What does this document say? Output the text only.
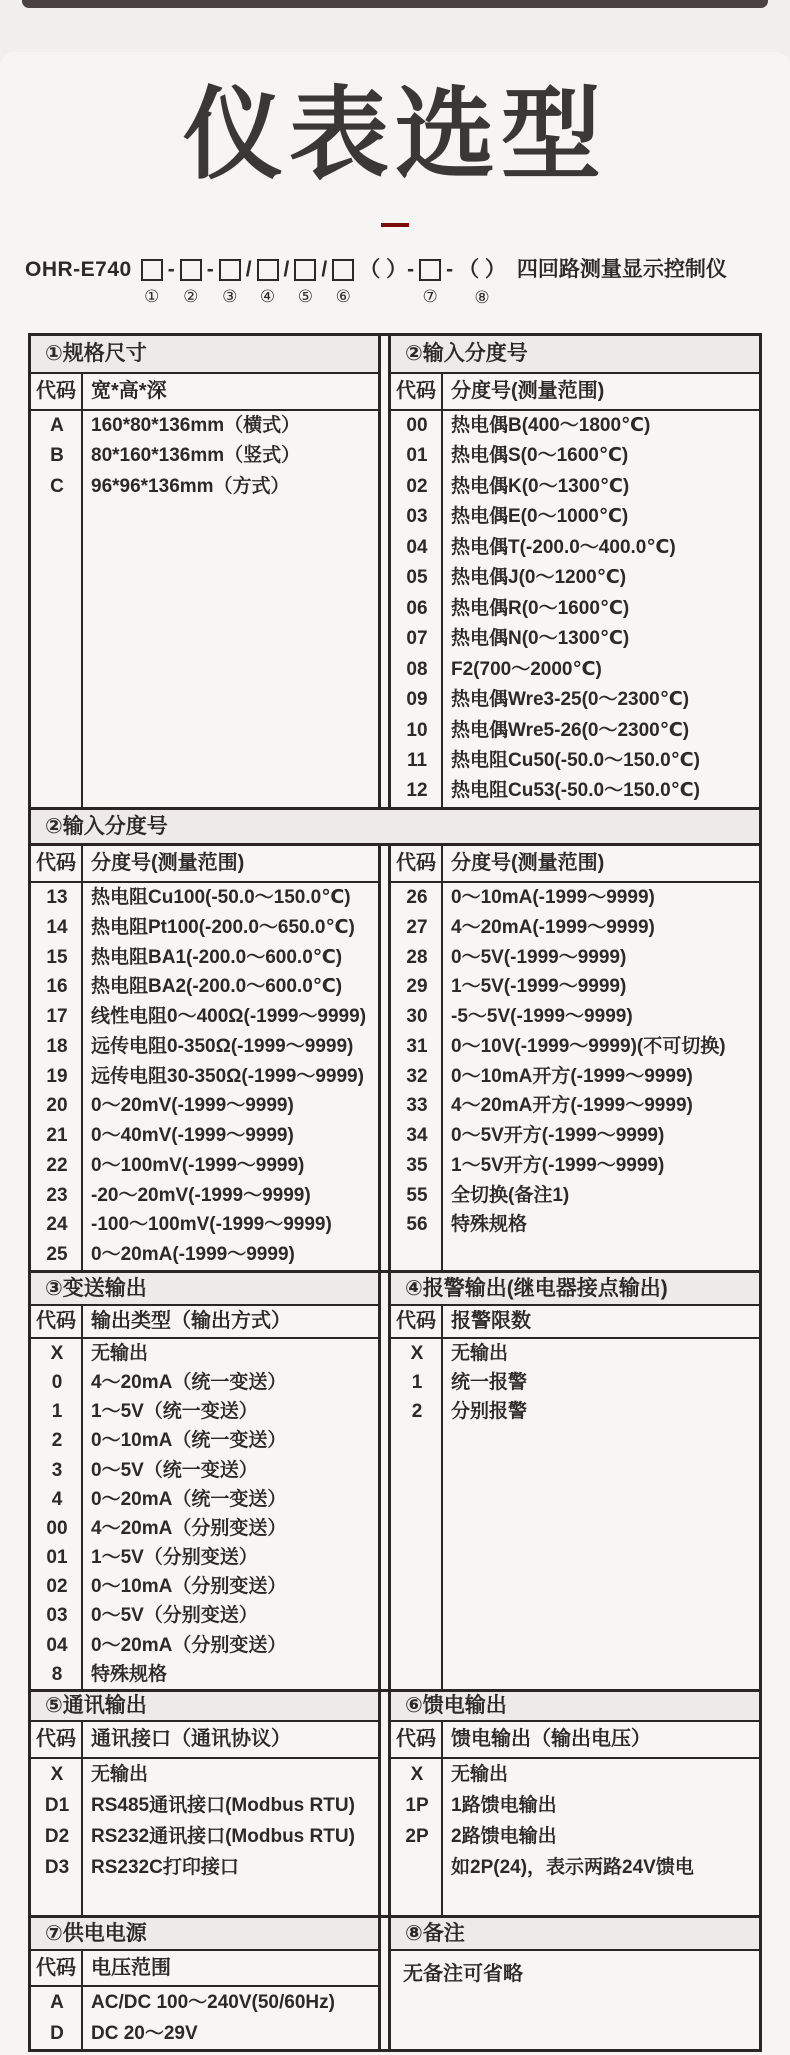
仪表选型
OHR-E740
①
-
②
-
③
/
④
/
⑤
/
⑥
（ ）-
⑦
- （ ）
⑧
四回路测量显示控制仪
①规格尺寸
代码 宽*高*深
A	160*80*136mm（横式）
B	80*160*136mm（竖式）
C	96*96*136mm（方式）
②输入分度号
代码 分度号(测量范围)
00	热电偶B(400～1800℃)
01	热电偶S(0～1600℃)
02	热电偶K(0～1300℃)
03	热电偶E(0～1000℃)
04	热电偶T(-200.0～400.0℃)
05	热电偶J(0～1200℃)
06	热电偶R(0～1600℃)
07	热电偶N(0～1300℃)
08	F2(700～2000℃)
09	热电偶Wre3-25(0～2300℃)
10	热电偶Wre5-26(0～2300℃)
11	热电阻Cu50(-50.0～150.0℃)
12	热电阻Cu53(-50.0～150.0℃)
②输入分度号
代码 分度号(测量范围)
13	热电阻Cu100(-50.0～150.0℃)
14	热电阻Pt100(-200.0～650.0℃)
15	热电阻BA1(-200.0～600.0℃)
16	热电阻BA2(-200.0～600.0℃)
17	线性电阻0～400Ω(-1999～9999)
18	远传电阻0-350Ω(-1999～9999)
19	远传电阻30-350Ω(-1999～9999)
20	0～20mV(-1999～9999)
21	0～40mV(-1999～9999)
22	0～100mV(-1999～9999)
23	-20～20mV(-1999～9999)
24	-100～100mV(-1999～9999)
25	0～20mA(-1999～9999)
代码 分度号(测量范围)
26	0～10mA(-1999～9999)
27	4～20mA(-1999～9999)
28	0～5V(-1999～9999)
29	1～5V(-1999～9999)
30	-5～5V(-1999～9999)
31	0～10V(-1999～9999)(不可切换)
32	0～10mA开方(-1999～9999)
33	4～20mA开方(-1999～9999)
34	0～5V开方(-1999～9999)
35	1～5V开方(-1999～9999)
55	全切换(备注1)
56	特殊规格
③变送输出
代码 输出类型（输出方式）
X	无输出
0	4～20mA（统一变送）
1	1～5V（统一变送）
2	0～10mA（统一变送）
3	0～5V（统一变送）
4	0～20mA（统一变送）
00	4～20mA（分别变送）
01	1～5V（分别变送）
02	0～10mA（分别变送）
03	0～5V（分别变送）
04	0～20mA（分别变送）
8	特殊规格
④报警输出(继电器接点输出)
代码 报警限数
X	无输出
1	统一报警
2	分别报警
⑤通讯输出
代码 通讯接口（通讯协议）
X	无输出
D1	RS485通讯接口(Modbus RTU)
D2	RS232通讯接口(Modbus RTU)
D3	RS232C打印接口
⑥馈电输出
代码 馈电输出（输出电压）
X	无输出
1P	1路馈电输出
2P	2路馈电输出
如2P(24)，表示两路24V馈电
⑦供电电源
代码 电压范围
A	AC/DC 100～240V(50/60Hz)
D	DC 20～29V
⑧备注
无备注可省略
